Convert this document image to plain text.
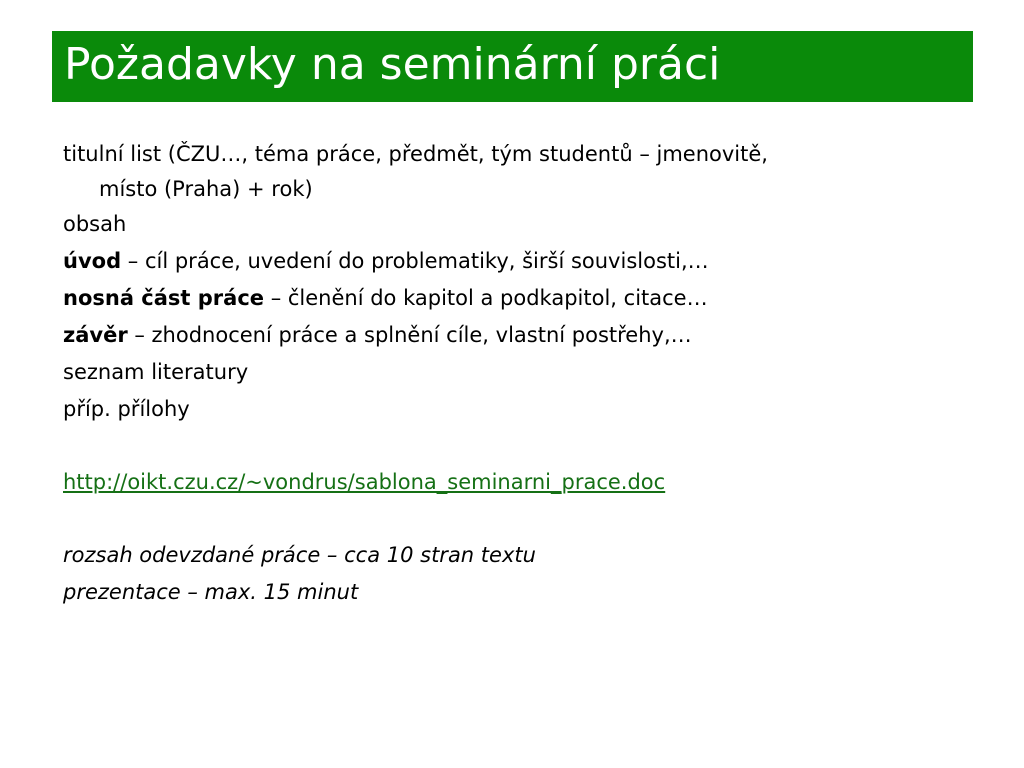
Požadavky na seminární práci
titulní list (ČZU…, téma práce, předmět, tým studentů – jmenovitě,
místo (Praha) + rok)
obsah
úvod – cíl práce, uvedení do problematiky, širší souvislosti,…
nosná část práce – členění do kapitol a podkapitol, citace…
závěr – zhodnocení práce a splnění cíle, vlastní postřehy,…
seznam literatury
příp. přílohy
http://oikt.czu.cz/~vondrus/sablona_seminarni_prace.doc
rozsah odevzdané práce – cca 10 stran textu
prezentace – max. 15 minut
